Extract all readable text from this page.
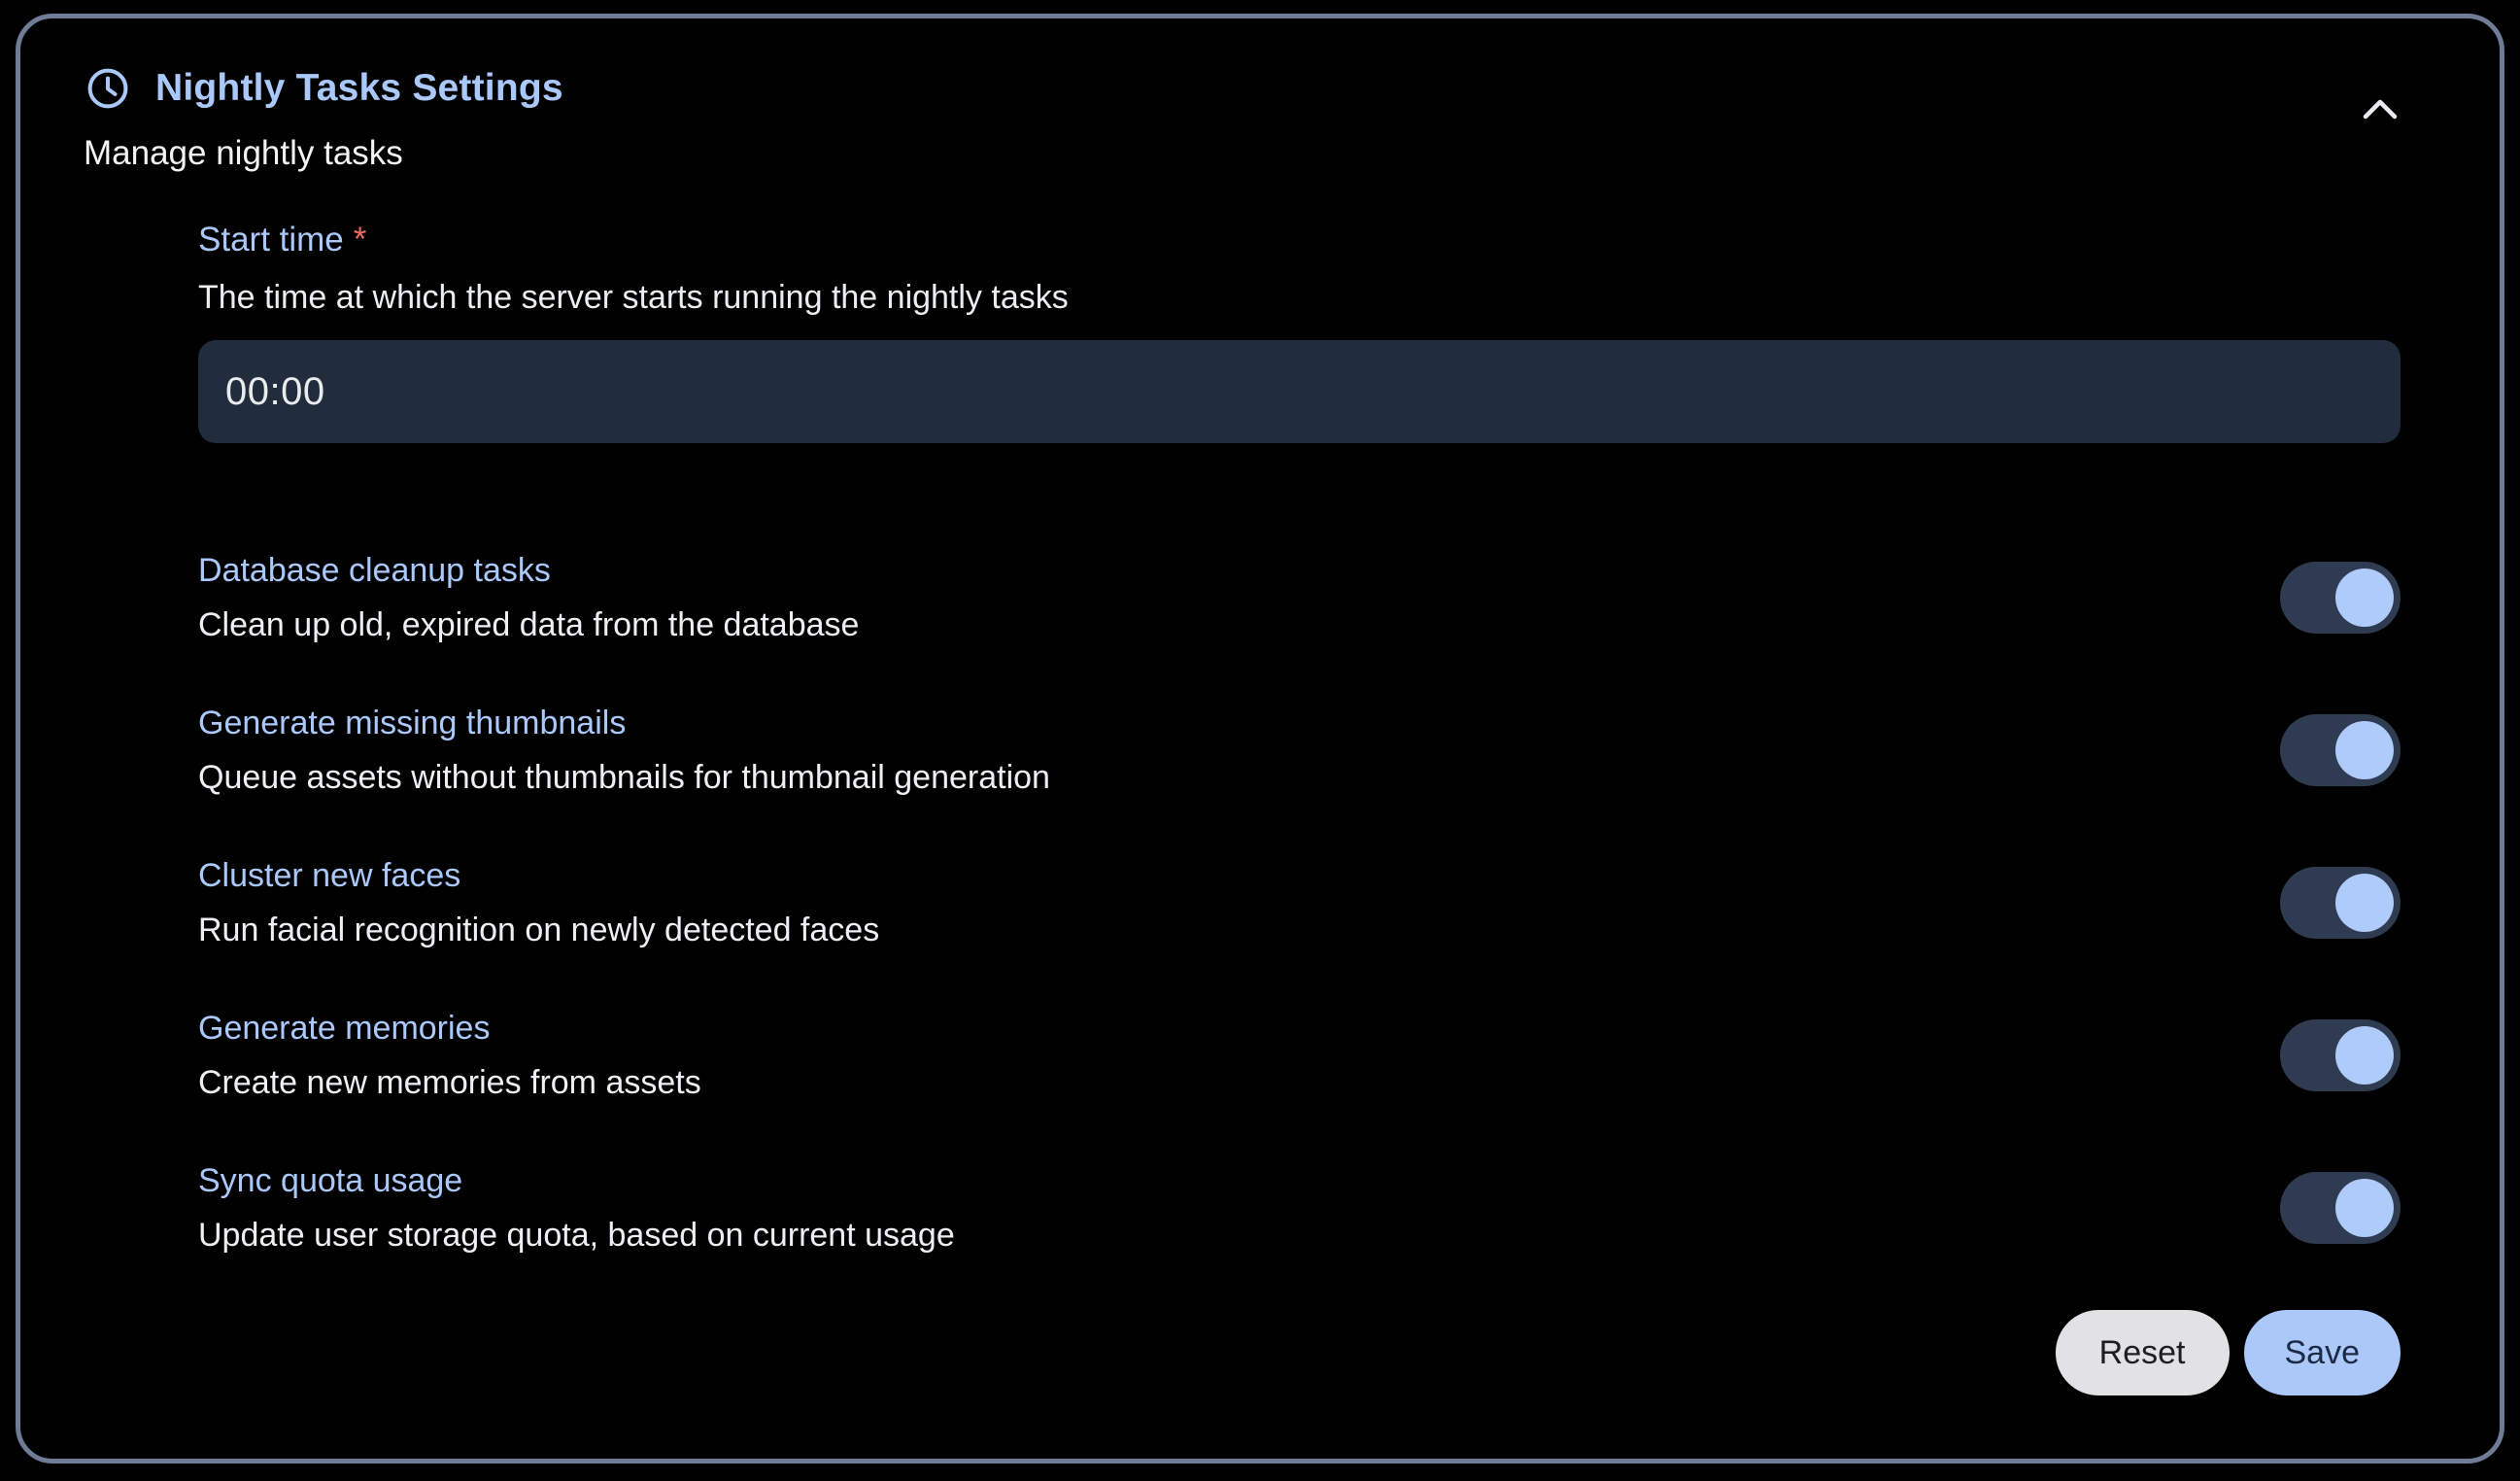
Nightly Tasks Settings
Manage nightly tasks
Start time *
The time at which the server starts running the nightly tasks
00:00
Database cleanup tasks
Clean up old, expired data from the database
Generate missing thumbnails
Queue assets without thumbnails for thumbnail generation
Cluster new faces
Run facial recognition on newly detected faces
Generate memories
Create new memories from assets
Sync quota usage
Update user storage quota, based on current usage
Reset	Save
